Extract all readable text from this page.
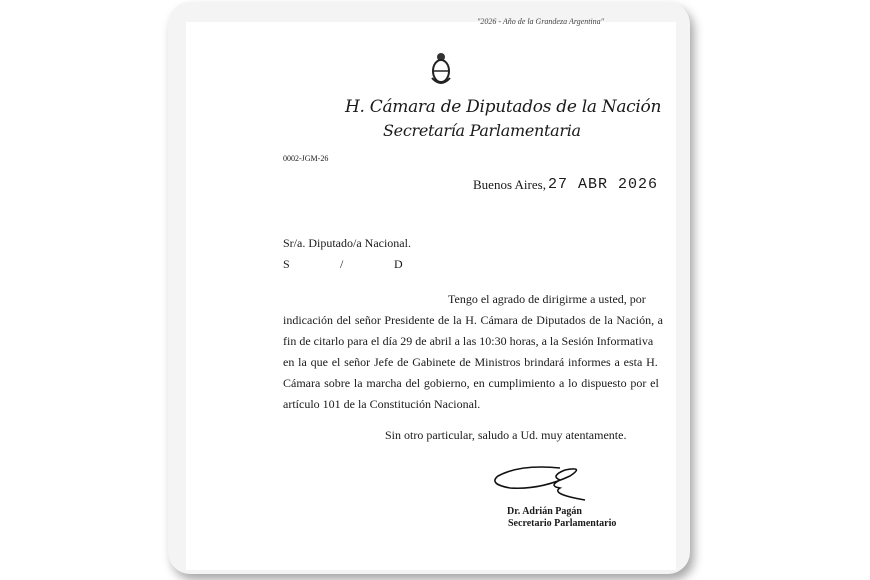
"2026 - Año de la Grandeza Argentina"
H. Cámara de Diputados de la Nación
Secretaría Parlamentaria
0002-JGM-26
Buenos Aires, 27 ABR 2026
Sr/a. Diputado/a Nacional.
S	/	D
Tengo el agrado de dirigirme a usted, por
indicación del señor Presidente de la H. Cámara de Diputados de la Nación, a
fin de citarlo para el día 29 de abril a las 10:30 horas, a la Sesión Informativa
en la que el señor Jefe de Gabinete de Ministros brindará informes a esta H.
Cámara sobre la marcha del gobierno, en cumplimiento a lo dispuesto por el
artículo 101 de la Constitución Nacional.
Sin otro particular, saludo a Ud. muy atentamente.
Dr. Adrián Pagán
Secretario Parlamentario
